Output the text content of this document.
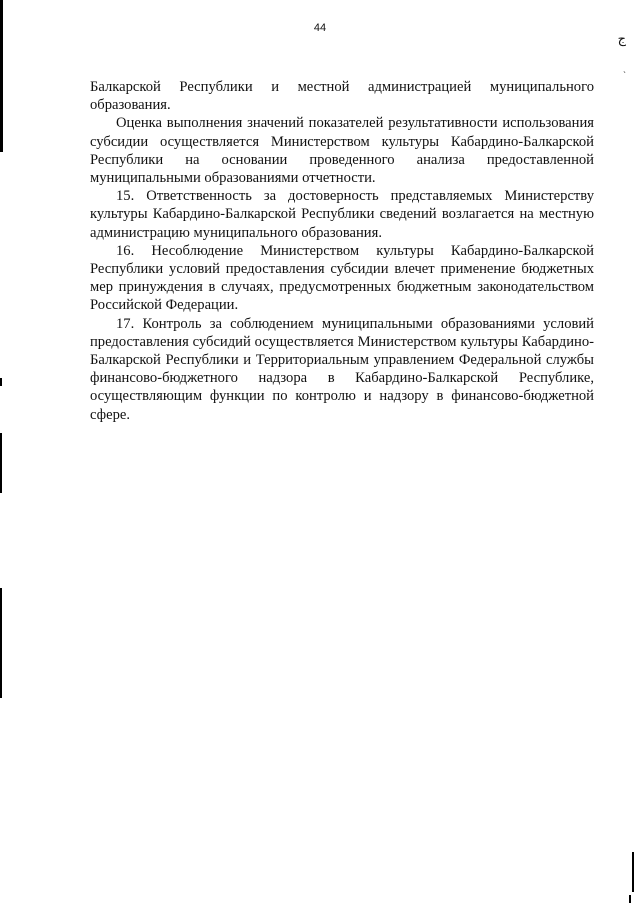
44

Балкарской Республики и местной администрацией муниципального образования.

Оценка выполнения значений показателей результативности использования субсидии осуществляется Министерством культуры Кабардино-Балкарской Республики на основании проведенного анализа предоставленной муниципальными образованиями отчетности.

15. Ответственность за достоверность представляемых Министерству культуры Кабардино-Балкарской Республики сведений возлагается на местную администрацию муниципального образования.

16. Несоблюдение Министерством культуры Кабардино-Балкарской Республики условий предоставления субсидии влечет применение бюджетных мер принуждения в случаях, предусмотренных бюджетным законодательством Российской Федерации.

17. Контроль за соблюдением муниципальными образованиями условий предоставления субсидий осуществляется Министерством культуры Кабардино-Балкарской Республики и Территориальным управлением Федеральной службы финансово-бюджетного надзора в Кабардино-Балкарской Республике, осуществляющим функции по контролю и надзору в финансово-бюджетной сфере.

ج
ˎ
